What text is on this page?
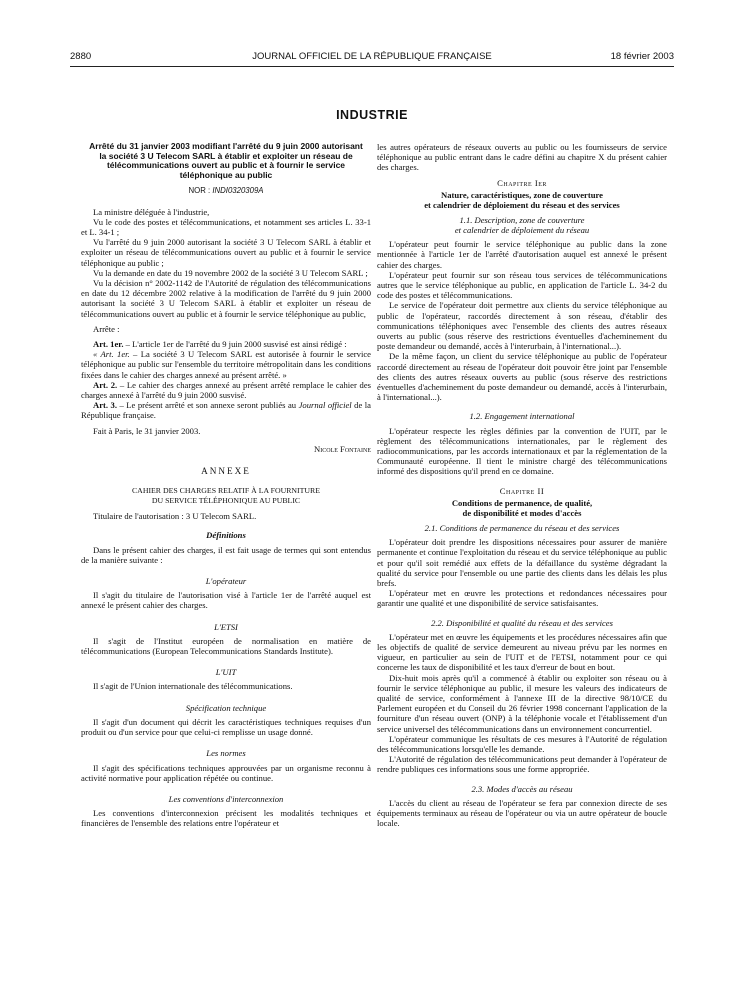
2880	JOURNAL OFFICIEL DE LA RÉPUBLIQUE FRANÇAISE	18 février 2003
INDUSTRIE
Arrêté du 31 janvier 2003 modifiant l'arrêté du 9 juin 2000 autorisant la société 3 U Telecom SARL à établir et exploiter un réseau de télécommunications ouvert au public et à fournir le service téléphonique au public
NOR : INDI0320309A

La ministre déléguée à l'industrie,

Vu le code des postes et télécommunications, et notamment ses articles L. 33-1 et L. 34-1 ;

Vu l'arrêté du 9 juin 2000 autorisant la société 3 U Telecom SARL à établir et exploiter un réseau de télécommunications ouvert au public et à fournir le service téléphonique au public ;

Vu la demande en date du 19 novembre 2002 de la société 3 U Telecom SARL ;

Vu la décision n° 2002-1142 de l'Autorité de régulation des télécommunications en date du 12 décembre 2002 relative à la modification de l'arrêté du 9 juin 2000 autorisant la société 3 U Telecom SARL à établir et exploiter un réseau de télécommunications ouvert au public et à fournir le service téléphonique au public,

Arrête :

Art. 1er. – L'article 1er de l'arrêté du 9 juin 2000 susvisé est ainsi rédigé :

« Art. 1er. – La société 3 U Telecom SARL est autorisée à fournir le service téléphonique au public sur l'ensemble du territoire métropolitain dans les conditions fixées dans le cahier des charges annexé au présent arrêté. »

Art. 2. – Le cahier des charges annexé au présent arrêté remplace le cahier des charges annexé à l'arrêté du 9 juin 2000 susvisé.

Art. 3. – Le présent arrêté et son annexe seront publiés au Journal officiel de la République française.

Fait à Paris, le 31 janvier 2003.

Nicole Fontaine
ANNEXE
CAHIER DES CHARGES RELATIF À LA FOURNITURE
DU SERVICE TÉLÉPHONIQUE AU PUBLIC

Titulaire de l'autorisation : 3 U Telecom SARL.

Définitions

Dans le présent cahier des charges, il est fait usage de termes qui sont entendus de la manière suivante :

L'opérateur

Il s'agit du titulaire de l'autorisation visé à l'article 1er de l'arrêté auquel est annexé le présent cahier des charges.

L'ETSI

Il s'agit de l'Institut européen de normalisation en matière de télécommunications (European Telecommunications Standards Institute).

L'UIT

Il s'agit de l'Union internationale des télécommunications.

Spécification technique

Il s'agit d'un document qui décrit les caractéristiques techniques requises d'un produit ou d'un service pour que celui-ci remplisse un usage donné.

Les normes

Il s'agit des spécifications techniques approuvées par un organisme reconnu à activité normative pour application répétée ou continue.

Les conventions d'interconnexion

Les conventions d'interconnexion précisent les modalités techniques et financières de l'ensemble des relations entre l'opérateur et

les autres opérateurs de réseaux ouverts au public ou les fournisseurs de service téléphonique au public entrant dans le cadre défini au chapitre X du présent cahier des charges.

Chapitre Ier
Nature, caractéristiques, zone de couverture
et calendrier de déploiement du réseau et des services
1.1. Description, zone de couverture
et calendrier de déploiement du réseau

L'opérateur peut fournir le service téléphonique au public dans la zone mentionnée à l'article 1er de l'arrêté d'autorisation auquel est annexé le présent cahier des charges.

L'opérateur peut fournir sur son réseau tous services de télécommunications autres que le service téléphonique au public, en application de l'article L. 34-2 du code des postes et télécommunications.

Le service de l'opérateur doit permettre aux clients du service téléphonique au public de l'opérateur, raccordés directement à son réseau, d'établir des communications téléphoniques avec l'ensemble des clients des autres réseaux ouverts au public (sous réserve des restrictions éventuelles d'acheminement du poste demandeur ou demandé, accès à l'interurbain, à l'international...).

De la même façon, un client du service téléphonique au public de l'opérateur raccordé directement au réseau de l'opérateur doit pouvoir être joint par l'ensemble des clients des autres réseaux ouverts au public (sous réserve des restrictions éventuelles d'acheminement du poste demandeur ou demandé, accès à l'interurbain, à l'international...).

1.2. Engagement international

L'opérateur respecte les règles définies par la convention de l'UIT, par le règlement des télécommunications internationales, par le règlement des radiocommunications, par les accords internationaux et par la réglementation de la Communauté européenne. Il tient le ministre chargé des télécommunications informé des dispositions qu'il prend en ce domaine.

Chapitre II
Conditions de permanence, de qualité,
de disponibilité et modes d'accès
2.1. Conditions de permanence du réseau et des services

L'opérateur doit prendre les dispositions nécessaires pour assurer de manière permanente et continue l'exploitation du réseau et du service téléphonique au public et pour qu'il soit remédié aux effets de la défaillance du système dégradant la qualité du service pour l'ensemble ou une partie des clients dans les délais les plus brefs.

L'opérateur met en œuvre les protections et redondances nécessaires pour garantir une qualité et une disponibilité de service satisfaisantes.

2.2. Disponibilité et qualité du réseau et des services

L'opérateur met en œuvre les équipements et les procédures nécessaires afin que les objectifs de qualité de service demeurent au niveau prévu par les normes en vigueur, en particulier au sein de l'UIT et de l'ETSI, notamment pour ce qui concerne les taux de disponibilité et les taux d'erreur de bout en bout.

Dix-huit mois après qu'il a commencé à établir ou exploiter son réseau ou à fournir le service téléphonique au public, il mesure les valeurs des indicateurs de qualité de service, conformément à l'annexe III de la directive 98/10/CE du Parlement européen et du Conseil du 26 février 1998 concernant l'application de la fourniture d'un réseau ouvert (ONP) à la téléphonie vocale et l'établissement d'un service universel des télécommunications dans un environnement concurrentiel.

L'opérateur communique les résultats de ces mesures à l'Autorité de régulation des télécommunications lorsqu'elle les demande.

L'Autorité de régulation des télécommunications peut demander à l'opérateur de rendre publiques ces informations sous une forme appropriée.

2.3. Modes d'accès au réseau

L'accès du client au réseau de l'opérateur se fera par connexion directe de ses équipements terminaux au réseau de l'opérateur ou via un autre opérateur de boucle locale.
